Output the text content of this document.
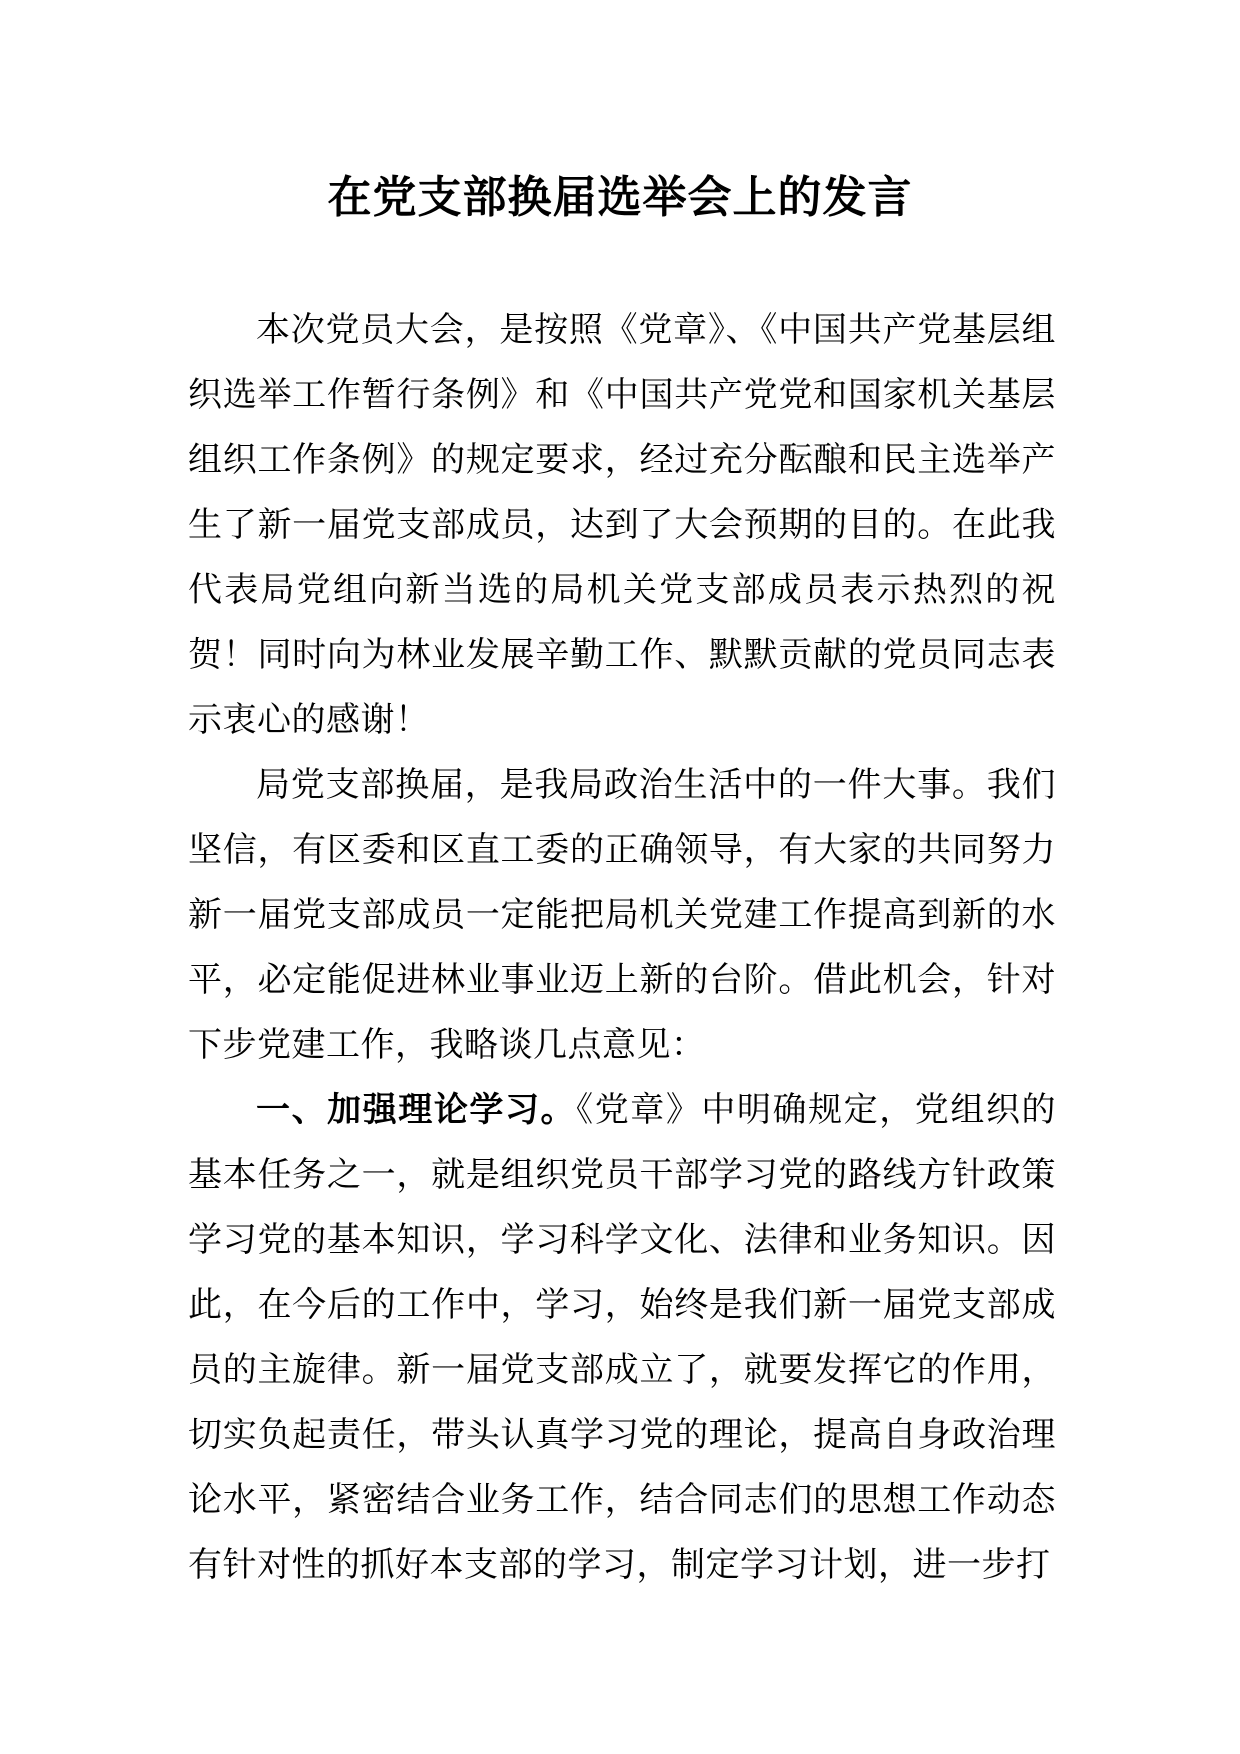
在党支部换届选举会上的发言

本次党员大会，是按照《党章》、《中国共产党基层组织选举工作暂行条例》和《中国共产党党和国家机关基层组织工作条例》的规定要求，经过充分酝酿和民主选举产生了新一届党支部成员，达到了大会预期的目的。在此我代表局党组向新当选的局机关党支部成员表示热烈的祝贺！同时向为林业发展辛勤工作、默默贡献的党员同志表示衷心的感谢！

局党支部换届，是我局政治生活中的一件大事。我们坚信，有区委和区直工委的正确领导，有大家的共同努力新一届党支部成员一定能把局机关党建工作提高到新的水平，必定能促进林业事业迈上新的台阶。借此机会，针对下步党建工作，我略谈几点意见：

一、加强理论学习。《党章》中明确规定，党组织的基本任务之一，就是组织党员干部学习党的路线方针政策学习党的基本知识，学习科学文化、法律和业务知识。因此，在今后的工作中，学习，始终是我们新一届党支部成员的主旋律。新一届党支部成立了，就要发挥它的作用，切实负起责任，带头认真学习党的理论，提高自身政治理论水平，紧密结合业务工作，结合同志们的思想工作动态有针对性的抓好本支部的学习，制定学习计划，进一步打
